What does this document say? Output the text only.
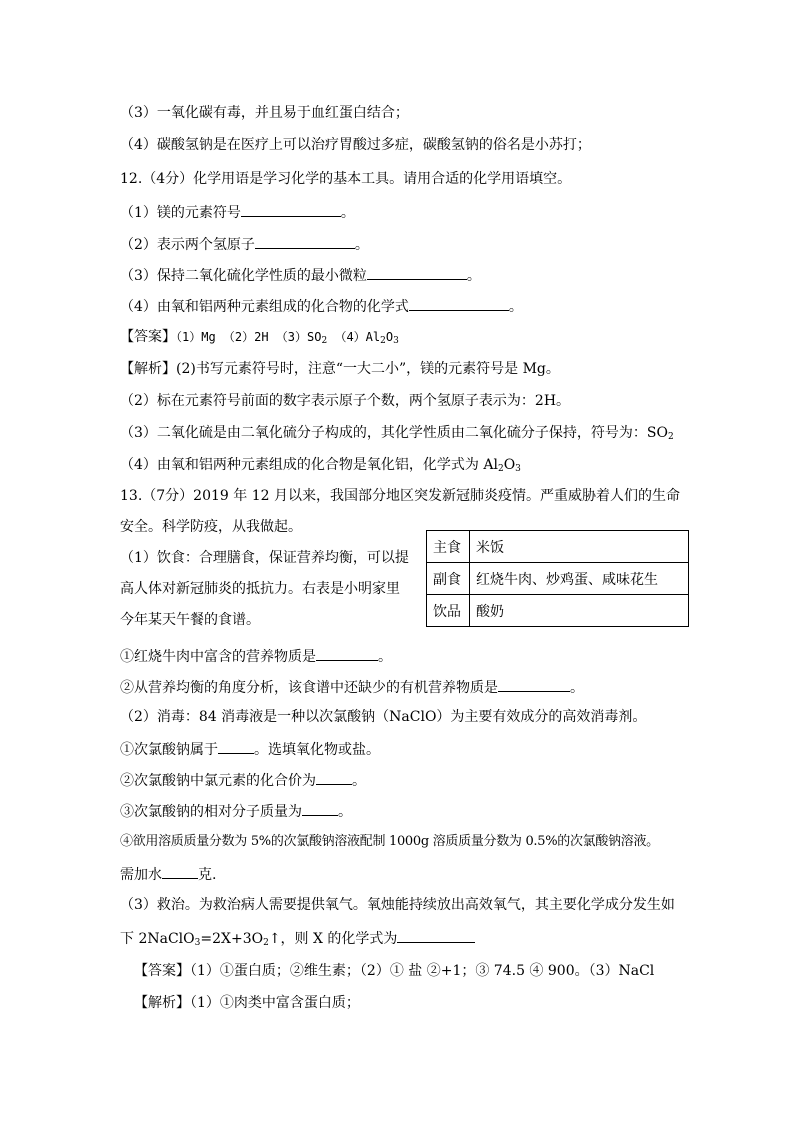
（3）一氧化碳有毒，并且易于血红蛋白结合；
（4）碳酸氢钠是在医疗上可以治疗胃酸过多症，碳酸氢钠的俗名是小苏打；
12.（4分）化学用语是学习化学的基本工具。请用合适的化学用语填空。
（1）镁的元素符号	。
（2）表示两个氢原子	。
（3）保持二氧化硫化学性质的最小微粒	。
（4）由氧和铝两种元素组成的化合物的化学式	。
【答案】（1）Mg （2）2H $(3)SO_2$ $(4)Al_2O_3$
【解析】(2)书写元素符号时，注意“一大二小”，镁的元素符号是 Mg。
（2）标在元素符号前面的数字表示原子个数，两个氢原子表示为：2H。
（3）二氧化硫是由二氧化硫分子构成的，其化学性质由二氧化硫分子保持，符号为：$SO_2$
（4）由氧和铝两种元素组成的化合物是氧化铝，化学式为 $Al_2O_3$
13.（7分）2019 年 12 月以来，我国部分地区突发新冠肺炎疫情。严重威胁着人们的生命
安全。科学防疫，从我做起。
（1）饮食：合理膳食，保证营养均衡，可以提
高人体对新冠肺炎的抵抗力。右表是小明家里
今年某天午餐的食谱。
主食	米饭
副食	红烧牛肉、炒鸡蛋、咸味花生
饮品	酸奶
①红烧牛肉中富含的营养物质是	。
②从营养均衡的角度分析，该食谱中还缺少的有机营养物质是	。
（2）消毒：84 消毒液是一种以次氯酸钠（NaClO）为主要有效成分的高效消毒剂。
①次氯酸钠属于	。选填氧化物或盐。
②次氯酸钠中氯元素的化合价为	。
③次氯酸钠的相对分子质量为	。
④欲用溶质质量分数为 5%的次氯酸钠溶液配制 1000g 溶质质量分数为 0.5%的次氯酸钠溶液。
需加水	克.
（3）救治。为救治病人需要提供氧气。氧烛能持续放出高效氧气，其主要化学成分发生如
下 $2NaClO_3=2X+3O_2↑$，则 X 的化学式为
【答案】（1）①蛋白质；②维生素；（2）① 盐 ②+1；③ 74.5 ④ 900。（3）NaCl
【解析】（1）①肉类中富含蛋白质；
